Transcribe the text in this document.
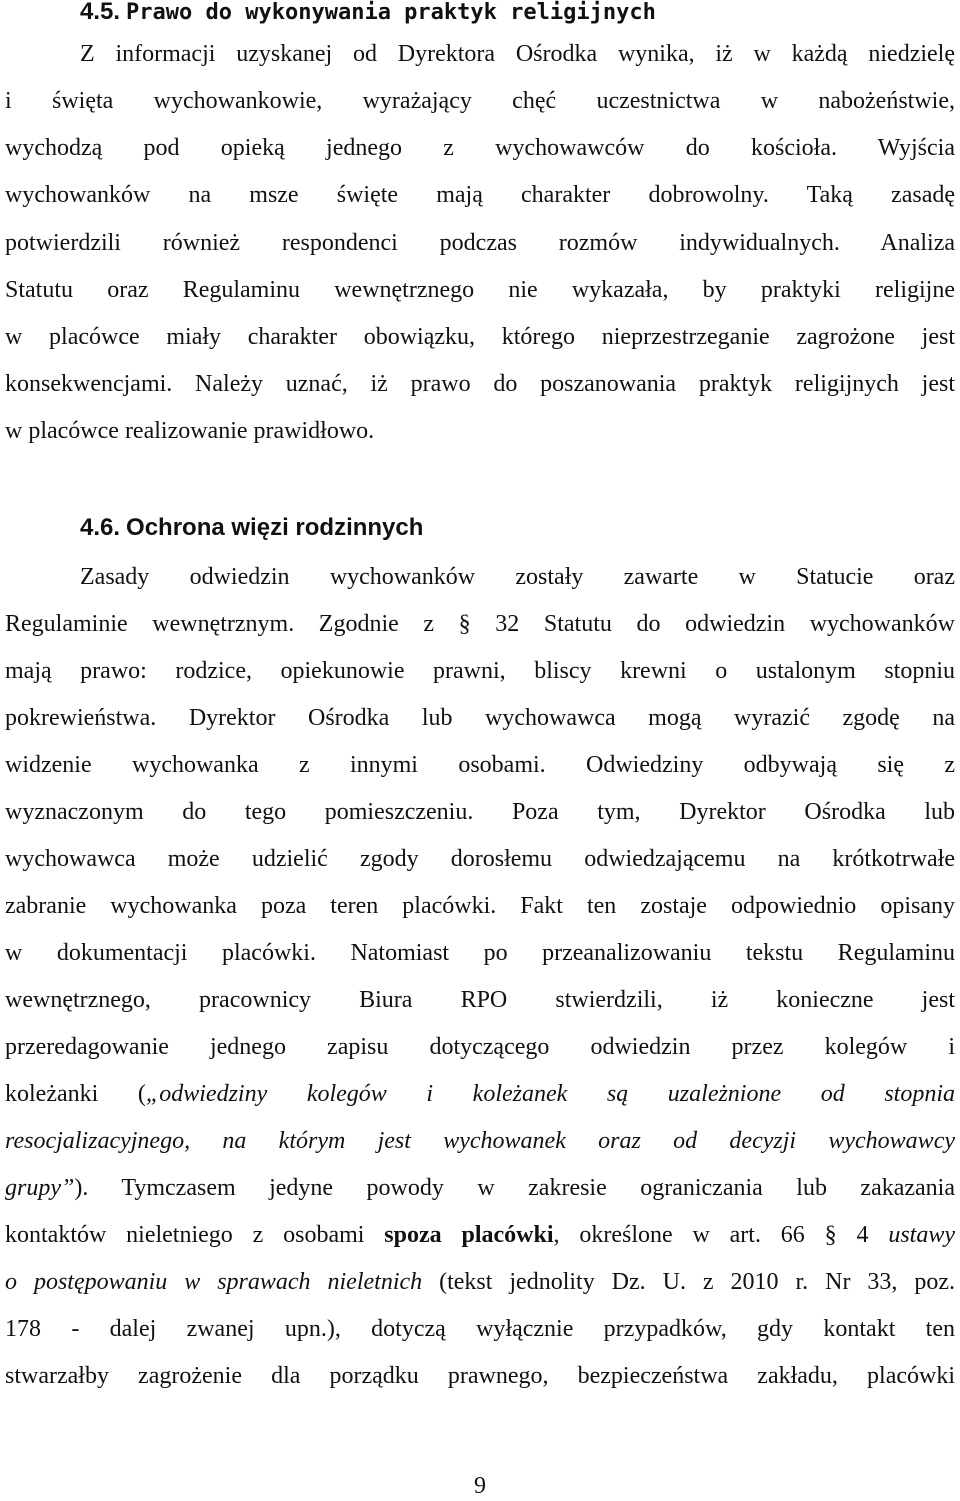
4.5. Prawo do wykonywania praktyk religijnych
Z informacji uzyskanej od Dyrektora Ośrodka wynika, iż w każdą niedzielę
i święta wychowankowie, wyrażający chęć uczestnictwa w nabożeństwie,
wychodzą pod opieką jednego z wychowawców do kościoła. Wyjścia
wychowanków na msze święte mają charakter dobrowolny. Taką zasadę
potwierdzili również respondenci podczas rozmów indywidualnych. Analiza
Statutu oraz Regulaminu wewnętrznego nie wykazała, by praktyki religijne
w placówce miały charakter obowiązku, którego nieprzestrzeganie zagrożone jest
konsekwencjami. Należy uznać, iż prawo do poszanowania praktyk religijnych jest
w placówce realizowanie prawidłowo.
4.6. Ochrona więzi rodzinnych
Zasady odwiedzin wychowanków zostały zawarte w Statucie oraz
Regulaminie wewnętrznym. Zgodnie z § 32 Statutu do odwiedzin wychowanków
mają prawo: rodzice, opiekunowie prawni, bliscy krewni o ustalonym stopniu
pokrewieństwa. Dyrektor Ośrodka lub wychowawca mogą wyrazić zgodę na
widzenie wychowanka z innymi osobami. Odwiedziny odbywają się z
wyznaczonym do tego pomieszczeniu. Poza tym, Dyrektor Ośrodka lub
wychowawca może udzielić zgody dorosłemu odwiedzającemu na krótkotrwałe
zabranie wychowanka poza teren placówki. Fakt ten zostaje odpowiednio opisany
w dokumentacji placówki. Natomiast po przeanalizowaniu tekstu Regulaminu
wewnętrznego, pracownicy Biura RPO stwierdzili, iż konieczne jest
przeredagowanie jednego zapisu dotyczącego odwiedzin przez kolegów i
koleżanki („odwiedziny kolegów i koleżanek są uzależnione od stopnia
resocjalizacyjnego, na którym jest wychowanek oraz od decyzji wychowawcy
grupy”). Tymczasem jedyne powody w zakresie ograniczania lub zakazania
kontaktów nieletniego z osobami spoza placówki, określone w art. 66 § 4 ustawy
o postępowaniu w sprawach nieletnich (tekst jednolity Dz. U. z 2010 r. Nr 33, poz.
178 - dalej zwanej upn.), dotyczą wyłącznie przypadków, gdy kontakt ten
stwarzałby zagrożenie dla porządku prawnego, bezpieczeństwa zakładu, placówki
9
